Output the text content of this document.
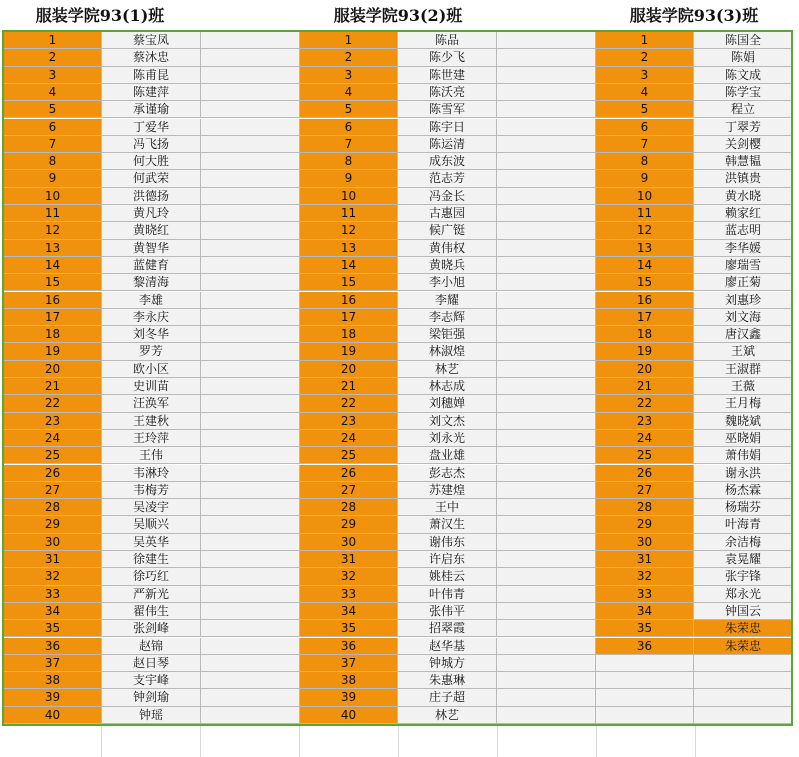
服装学院93(1)班	服装学院93(2)班	服装学院93(3)班
1	蔡宝凤
2	蔡沐忠
3	陈甫昆
4	陈建萍
5	承谨瑜
6	丁爱华
7	冯飞扬
8	何大胜
9	何武荣
10	洪德扬
11	黄凡玲
12	黄晓红
13	黄智华
14	蓝健育
15	黎清海
16	李雄
17	李永庆
18	刘冬华
19	罗芳
20	欧小区
21	史训苗
22	汪涣军
23	王建秋
24	王玲萍
25	王伟
26	韦淋玲
27	韦梅芳
28	吴凌宇
29	吴顺兴
30	吴英华
31	徐建生
32	徐巧红
33	严新光
34	翟伟生
35	张剑峰
36	赵锦
37	赵日琴
38	支宇峰
39	钟剑瑜
40	钟瑶
1	陈品
2	陈少飞
3	陈世建
4	陈沃亮
5	陈雪军
6	陈宇日
7	陈运清
8	成东波
9	范志芳
10	冯金长
11	古惠园
12	候广铤
13	黄伟权
14	黄晓兵
15	李小旭
16	李耀
17	李志辉
18	梁钜强
19	林淑煌
20	林艺
21	林志成
22	刘穗婵
23	刘文杰
24	刘永光
25	盘业雄
26	彭志杰
27	苏建煌
28	王中
29	萧汉生
30	谢伟东
31	许启东
32	姚桂云
33	叶伟青
34	张伟平
35	招翠霞
36	赵华基
37	钟城方
38	朱惠琳
39	庄子超
40	林艺
1	陈国全
2	陈娟
3	陈文成
4	陈学宝
5	程立
6	丁翠芳
7	关剑樱
8	韩慧韫
9	洪镇贵
10	黄水晓
11	赖家红
12	蓝志明
13	李华媛
14	廖瑞雪
15	廖正菊
16	刘惠珍
17	刘文海
18	唐汉鑫
19	王斌
20	王淑群
21	王薇
22	王月梅
23	魏晓斌
24	巫晓娟
25	萧伟娟
26	谢永洪
27	杨杰霖
28	杨瑞芬
29	叶海青
30	余洁梅
31	袁晃耀
32	张宇锋
33	郑永光
34	钟国云
35	朱荣忠
36	朱荣忠
